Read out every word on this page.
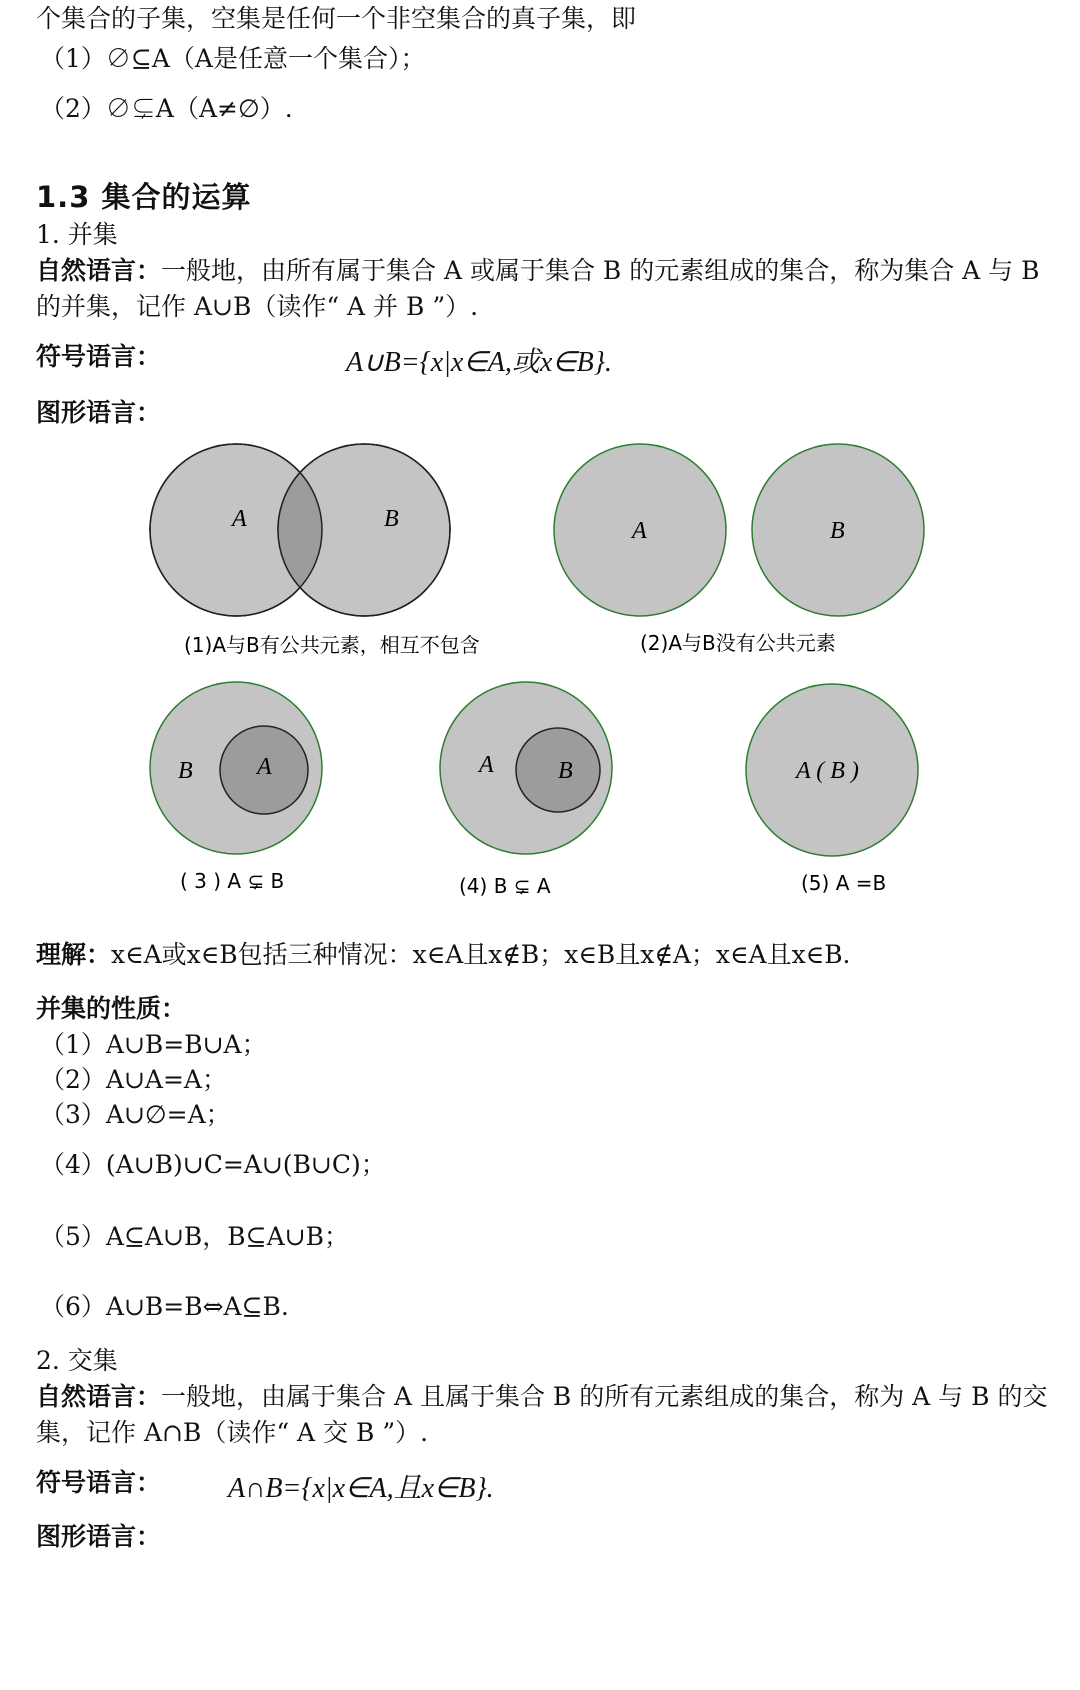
个集合的子集，空集是任何一个非空集合的真子集，即
（1）∅⊆A（A是任意一个集合）；
（2）∅⊊A（A≠∅）.
1.3 集合的运算
1. 并集
自然语言：一般地，由所有属于集合 A 或属于集合 B 的元素组成的集合，称为集合 A 与 B
的并集，记作 A∪B（读作“ A 并 B ”）.
符号语言：	A∪B={x|x∈A,或x∈B}.
图形语言：
A	B
(1)A与B有公共元素，相互不包含
A	B
(2)A与B没有公共元素
B	A
( 3 ) A ⊊ B
A	B
(4) B ⊊ A
A ( B )
(5) A =B
理解：x∈A或x∈B包括三种情况：x∈A且x∉B；x∈B且x∉A；x∈A且x∈B.
并集的性质：
（1）A∪B=B∪A；
（2）A∪A=A；
（3）A∪∅=A；
（4）(A∪B)∪C=A∪(B∪C)；
（5）A⊆A∪B，B⊆A∪B；
（6）A∪B=B⇔A⊆B.
2. 交集
自然语言：一般地，由属于集合 A 且属于集合 B 的所有元素组成的集合，称为 A 与 B 的交
集，记作 A∩B（读作“ A 交 B ”）.
符号语言： A∩B={x|x∈A,且x∈B}.
图形语言：
